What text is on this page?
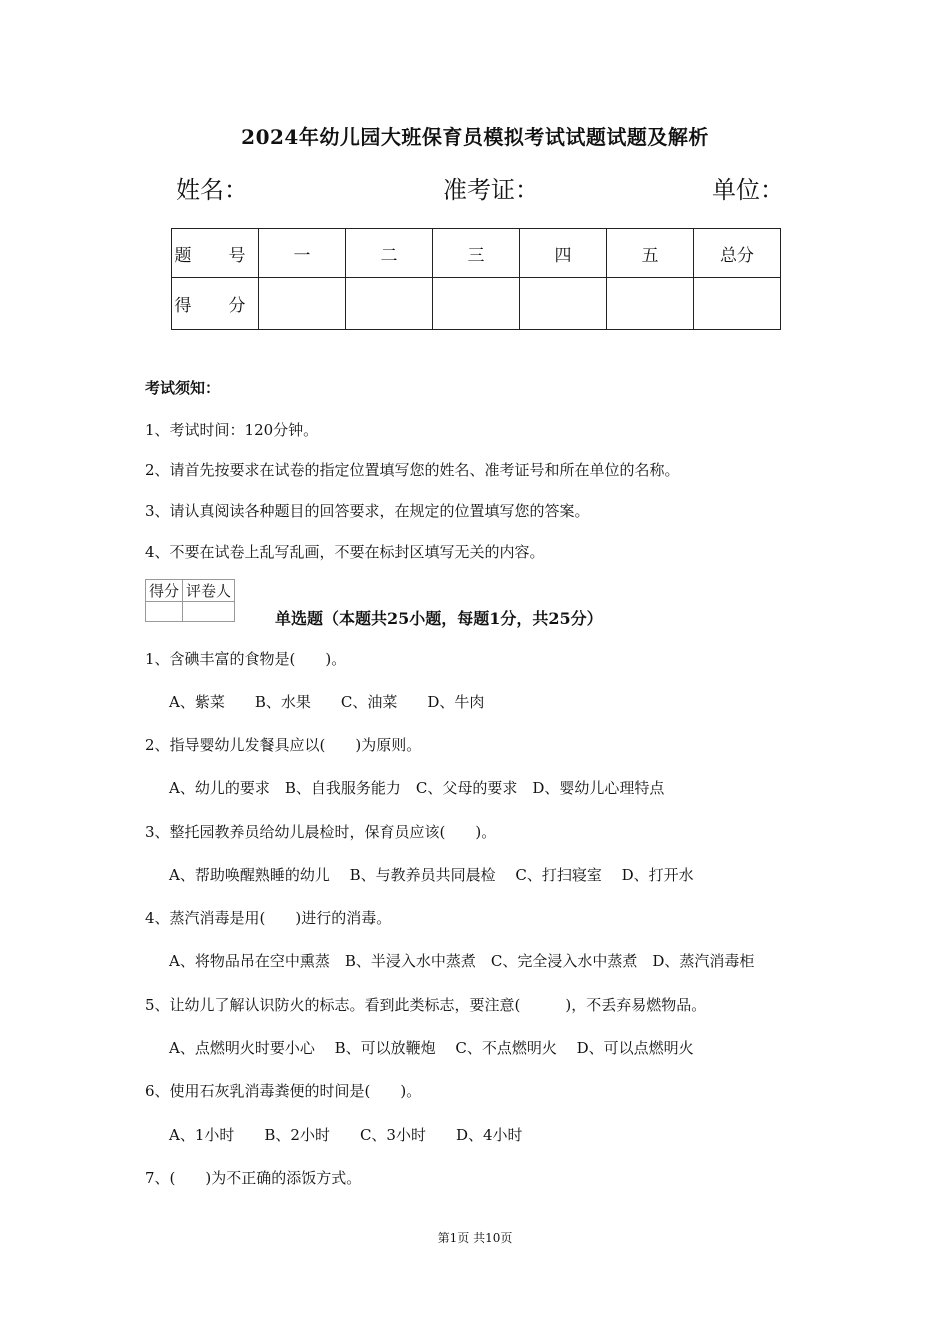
2024年幼儿园大班保育员模拟考试试题试题及解析
姓名：	准考证：	单位：
题　号	一	二	三	四	五	总分
得　分						
考试须知：
1、考试时间：120分钟。
2、请首先按要求在试卷的指定位置填写您的姓名、准考证号和所在单位的名称。
3、请认真阅读各种题目的回答要求，在规定的位置填写您的答案。
4、不要在试卷上乱写乱画，不要在标封区填写无关的内容。
得分	评卷人

单选题（本题共25小题，每题1分，共25分）
1、含碘丰富的食物是(　　)。
A、紫菜　　B、水果　　C、油菜　　D、牛肉
2、指导婴幼儿发餐具应以(　　)为原则。
A、幼儿的要求　B、自我服务能力　C、父母的要求　D、婴幼儿心理特点
3、整托园教养员给幼儿晨检时，保育员应该(　　)。
A、帮助唤醒熟睡的幼儿　 B、与教养员共同晨检　 C、打扫寝室　 D、打开水
4、蒸汽消毒是用(　　)进行的消毒。
A、将物品吊在空中熏蒸　B、半浸入水中蒸煮　C、完全浸入水中蒸煮　D、蒸汽消毒柜
5、让幼儿了解认识防火的标志。看到此类标志，要注意(　　　)，不丢弃易燃物品。
A、点燃明火时要小心　 B、可以放鞭炮　 C、不点燃明火　 D、可以点燃明火
6、使用石灰乳消毒粪便的时间是(　　)。
A、1小时　　B、2小时　　C、3小时　　D、4小时
7、(　　)为不正确的添饭方式。
第1页 共10页
